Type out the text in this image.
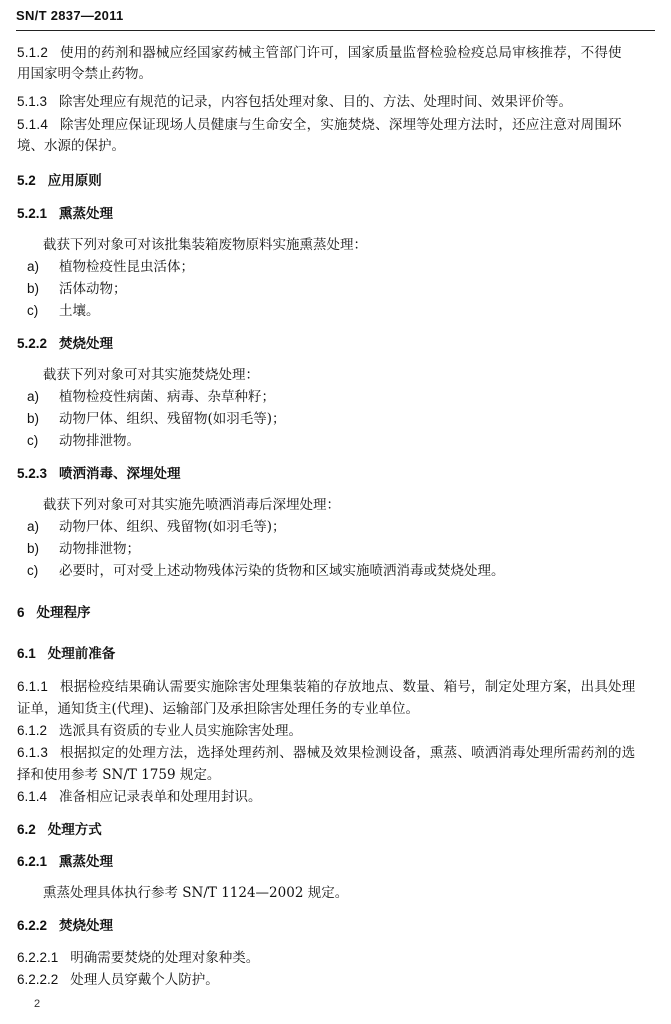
SN/T 2837—2011
5.1.2 使用的药剂和器械应经国家药械主管部门许可，国家质量监督检验检疫总局审核推荐，不得使
用国家明令禁止药物。
5.1.3 除害处理应有规范的记录，内容包括处理对象、目的、方法、处理时间、效果评价等。
5.1.4 除害处理应保证现场人员健康与生命安全，实施焚烧、深埋等处理方法时，还应注意对周围环
境、水源的保护。
5.2 应用原则
5.2.1 熏蒸处理
截获下列对象可对该批集装箱废物原料实施熏蒸处理：
a) 植物检疫性昆虫活体；
b) 活体动物；
c) 土壤。
5.2.2 焚烧处理
截获下列对象可对其实施焚烧处理：
a) 植物检疫性病菌、病毒、杂草种籽；
b) 动物尸体、组织、残留物(如羽毛等)；
c) 动物排泄物。
5.2.3 喷洒消毒、深埋处理
截获下列对象可对其实施先喷洒消毒后深埋处理：
a) 动物尸体、组织、残留物(如羽毛等)；
b) 动物排泄物；
c) 必要时，可对受上述动物残体污染的货物和区域实施喷洒消毒或焚烧处理。
6 处理程序
6.1 处理前准备
6.1.1 根据检疫结果确认需要实施除害处理集装箱的存放地点、数量、箱号，制定处理方案，出具处理
证单，通知货主(代理)、运输部门及承担除害处理任务的专业单位。
6.1.2 选派具有资质的专业人员实施除害处理。
6.1.3 根据拟定的处理方法，选择处理药剂、器械及效果检测设备，熏蒸、喷洒消毒处理所需药剂的选
择和使用参考 SN/T 1759 规定。
6.1.4 准备相应记录表单和处理用封识。
6.2 处理方式
6.2.1 熏蒸处理
熏蒸处理具体执行参考 SN/T 1124—2002 规定。
6.2.2 焚烧处理
6.2.2.1 明确需要焚烧的处理对象种类。
6.2.2.2 处理人员穿戴个人防护。
2
